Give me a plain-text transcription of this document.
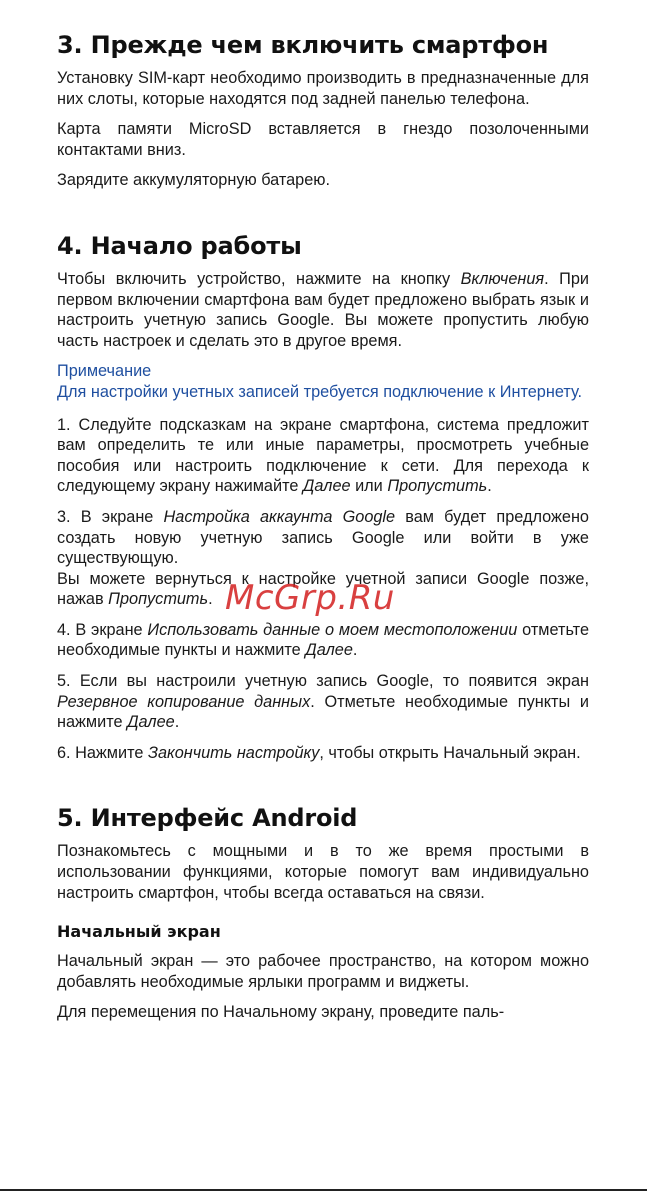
3. Прежде чем включить смартфон

Установку SIM-карт необходимо производить в предназначенные для них слоты, которые находятся под задней панелью телефона.

Карта памяти MicroSD вставляется в гнездо позолоченными контактами вниз.

Зарядите аккумуляторную батарею.

4. Начало работы

Чтобы включить устройство, нажмите на кнопку Включения. При первом включении смартфона вам будет предложено выбрать язык и настроить учетную запись Google. Вы можете пропустить любую часть настроек и сделать это в другое время.

Примечание
Для настройки учетных записей требуется подключение к Интернету.

1. Следуйте подсказкам на экране смартфона, система предложит вам определить те или иные параметры, просмотреть учебные пособия или настроить подключение к сети. Для перехода к следующему экрану нажимайте Далее или Пропустить.

3. В экране Настройка аккаунта Google вам будет предложено создать новую учетную запись Google или войти в уже существующую.

Вы можете вернуться к настройке учетной записи Google позже, нажав Пропустить.

4. В экране Использовать данные о моем местоположении отметьте необходимые пункты и нажмите Далее.

5. Если вы настроили учетную запись Google, то появится экран Резервное копирование данных. Отметьте необходимые пункты и нажмите Далее.

6. Нажмите Закончить настройку, чтобы открыть Начальный экран.

5. Интерфейс Android

Познакомьтесь с мощными и в то же время простыми в использовании функциями, которые помогут вам индивидуально настроить смартфон, чтобы всегда оставаться на связи.

Начальный экран

Начальный экран — это рабочее пространство, на котором можно добавлять необходимые ярлыки программ и виджеты.

Для перемещения по Начальному экрану, проведите паль-

McGrp.Ru
